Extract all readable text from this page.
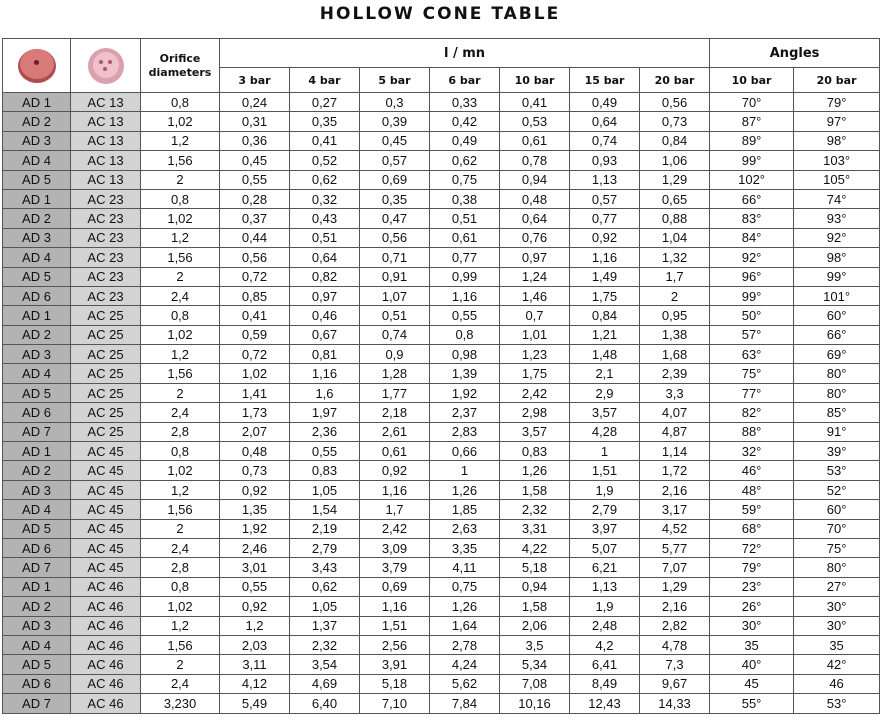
HOLLOW CONE TABLE

	Orifice diameters	l / mn							Angles	
			3 bar	4 bar	5 bar	6 bar	10 bar	15 bar	20 bar	10 bar	20 bar
AD 1	AC 13	0,8	0,24	0,27	0,3	0,33	0,41	0,49	0,56	70°	79°
AD 2	AC 13	1,02	0,31	0,35	0,39	0,42	0,53	0,64	0,73	87°	97°
AD 3	AC 13	1,2	0,36	0,41	0,45	0,49	0,61	0,74	0,84	89°	98°
AD 4	AC 13	1,56	0,45	0,52	0,57	0,62	0,78	0,93	1,06	99°	103°
AD 5	AC 13	2	0,55	0,62	0,69	0,75	0,94	1,13	1,29	102°	105°
AD 1	AC 23	0,8	0,28	0,32	0,35	0,38	0,48	0,57	0,65	66°	74°
AD 2	AC 23	1,02	0,37	0,43	0,47	0,51	0,64	0,77	0,88	83°	93°
AD 3	AC 23	1,2	0,44	0,51	0,56	0,61	0,76	0,92	1,04	84°	92°
AD 4	AC 23	1,56	0,56	0,64	0,71	0,77	0,97	1,16	1,32	92°	98°
AD 5	AC 23	2	0,72	0,82	0,91	0,99	1,24	1,49	1,7	96°	99°
AD 6	AC 23	2,4	0,85	0,97	1,07	1,16	1,46	1,75	2	99°	101°
AD 1	AC 25	0,8	0,41	0,46	0,51	0,55	0,7	0,84	0,95	50°	60°
AD 2	AC 25	1,02	0,59	0,67	0,74	0,8	1,01	1,21	1,38	57°	66°
AD 3	AC 25	1,2	0,72	0,81	0,9	0,98	1,23	1,48	1,68	63°	69°
AD 4	AC 25	1,56	1,02	1,16	1,28	1,39	1,75	2,1	2,39	75°	80°
AD 5	AC 25	2	1,41	1,6	1,77	1,92	2,42	2,9	3,3	77°	80°
AD 6	AC 25	2,4	1,73	1,97	2,18	2,37	2,98	3,57	4,07	82°	85°
AD 7	AC 25	2,8	2,07	2,36	2,61	2,83	3,57	4,28	4,87	88°	91°
AD 1	AC 45	0,8	0,48	0,55	0,61	0,66	0,83	1	1,14	32°	39°
AD 2	AC 45	1,02	0,73	0,83	0,92	1	1,26	1,51	1,72	46°	53°
AD 3	AC 45	1,2	0,92	1,05	1,16	1,26	1,58	1,9	2,16	48°	52°
AD 4	AC 45	1,56	1,35	1,54	1,7	1,85	2,32	2,79	3,17	59°	60°
AD 5	AC 45	2	1,92	2,19	2,42	2,63	3,31	3,97	4,52	68°	70°
AD 6	AC 45	2,4	2,46	2,79	3,09	3,35	4,22	5,07	5,77	72°	75°
AD 7	AC 45	2,8	3,01	3,43	3,79	4,11	5,18	6,21	7,07	79°	80°
AD 1	AC 46	0,8	0,55	0,62	0,69	0,75	0,94	1,13	1,29	23°	27°
AD 2	AC 46	1,02	0,92	1,05	1,16	1,26	1,58	1,9	2,16	26°	30°
AD 3	AC 46	1,2	1,2	1,37	1,51	1,64	2,06	2,48	2,82	30°	30°
AD 4	AC 46	1,56	2,03	2,32	2,56	2,78	3,5	4,2	4,78	35	35
AD 5	AC 46	2	3,11	3,54	3,91	4,24	5,34	6,41	7,3	40°	42°
AD 6	AC 46	2,4	4,12	4,69	5,18	5,62	7,08	8,49	9,67	45	46
AD 7	AC 46	3,230	5,49	6,40	7,10	7,84	10,16	12,43	14,33	55°	53°
